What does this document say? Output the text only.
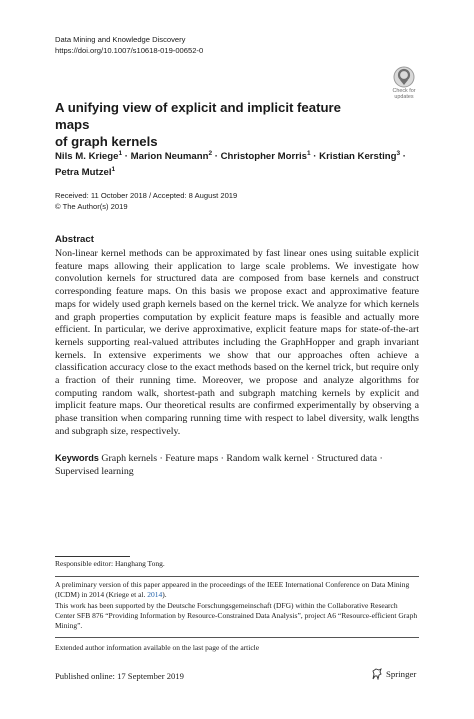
Data Mining and Knowledge Discovery
https://doi.org/10.1007/s10618-019-00652-0
Check for
updates
A unifying view of explicit and implicit feature maps
of graph kernels
Nils M. Kriege$^1$ · Marion Neumann$^2$ · Christopher Morris$^1$ · Kristian Kersting$^3$ ·
Petra Mutzel$^1$
Received: 11 October 2018 / Accepted: 8 August 2019
© The Author(s) 2019
Abstract
Non-linear kernel methods can be approximated by fast linear ones using suitable explicit feature maps allowing their application to large scale problems. We investigate how convolution kernels for structured data are composed from base kernels and construct corresponding feature maps. On this basis we propose exact and approximative feature maps for widely used graph kernels based on the kernel trick. We analyze for which kernels and graph properties computation by explicit feature maps is feasible and actually more efficient. In particular, we derive approximative, explicit feature maps for state-of-the-art kernels supporting real-valued attributes including the GraphHopper and graph invariant kernels. In extensive experiments we show that our approaches often achieve a classification accuracy close to the exact methods based on the kernel trick, but require only a fraction of their running time. Moreover, we propose and analyze algorithms for computing random walk, shortest-path and subgraph matching kernels by explicit and implicit feature maps. Our theoretical results are confirmed experimentally by observing a phase transition when comparing running time with respect to label diversity, walk lengths and subgraph size, respectively.
Keywords Graph kernels · Feature maps · Random walk kernel · Structured data · Supervised learning
Responsible editor: Hanghang Tong.
A preliminary version of this paper appeared in the proceedings of the IEEE International Conference on Data Mining (ICDM) in 2014 (Kriege et al. 2014).
This work has been supported by the Deutsche Forschungsgemeinschaft (DFG) within the Collaborative Research Center SFB 876 “Providing Information by Resource-Constrained Data Analysis”, project A6 “Resource-efficient Graph Mining”.
Extended author information available on the last page of the article
Published online: 17 September 2019	Springer
